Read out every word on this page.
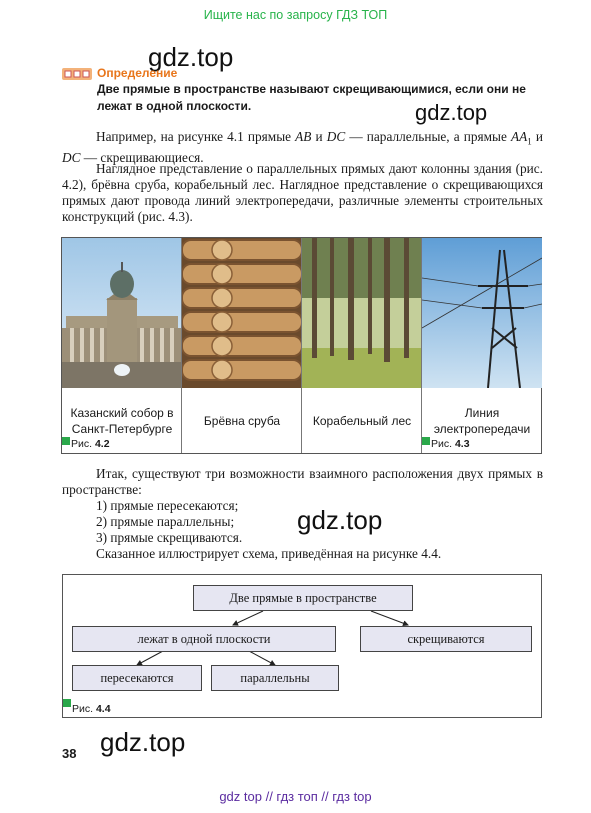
Ищите нас по запросу ГДЗ ТОП
gdz.top
gdz.top
gdz.top
gdz.top
Определение
Две прямые в пространстве называют скрещивающимися, если они не лежат в одной плоскости.
Например, на рисунке 4.1 прямые AB и DC — параллельные, а прямые $AA_1$ и DC — скрещивающиеся.
Наглядное представление о параллельных прямых дают колонны здания (рис. 4.2), брёвна сруба, корабельный лес. Наглядное представление о скрещивающихся прямых дают провода линий электропередачи, различные элементы строительных конструкций (рис. 4.3).
Казанский собор в Санкт-Петербурге
Брёвна сруба	Корабельный лес
Линия электропередачи
Рис. 4.2	Рис. 4.3
Итак, существуют три возможности взаимного расположения двух прямых в пространстве:
1) прямые пересекаются;
2) прямые параллельны;
3) прямые скрещиваются.
Сказанное иллюстрирует схема, приведённая на рисунке 4.4.
Две прямые в пространстве
лежат в одной плоскости	скрещиваются
пересекаются	параллельны
Рис. 4.4
38
gdz top // гдз топ // гдз top
